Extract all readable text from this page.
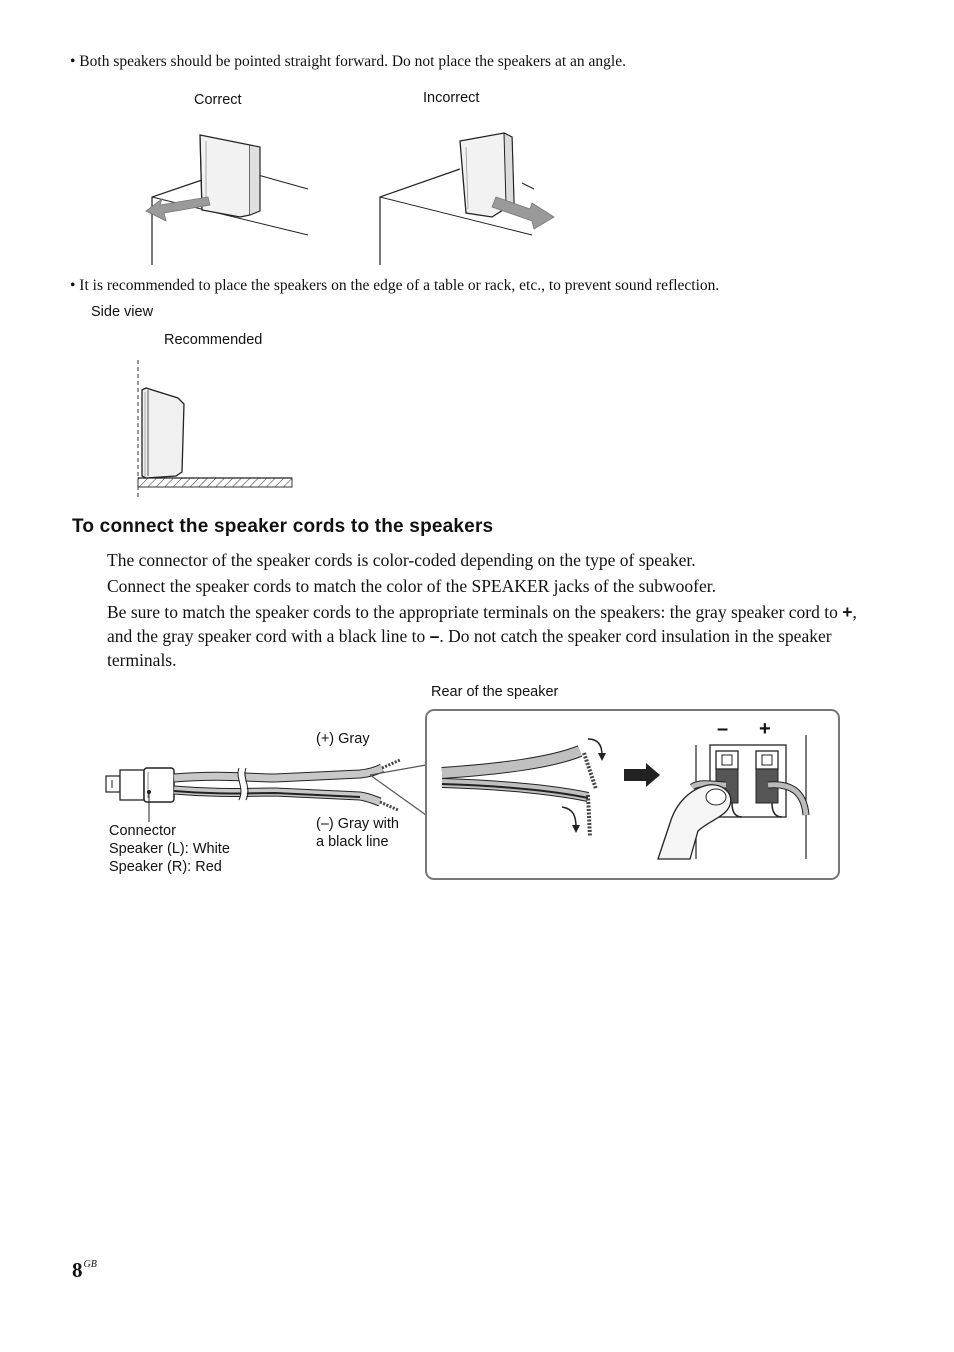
• Both speakers should be pointed straight forward. Do not place the speakers at an angle.
Correct	Incorrect
• It is recommended to place the speakers on the edge of a table or rack, etc., to prevent sound reflection.
Side view
Recommended
To connect the speaker cords to the speakers

The connector of the speaker cords is color-coded depending on the type of speaker.

Connect the speaker cords to match the color of the SPEAKER jacks of the subwoofer.

Be sure to match the speaker cords to the appropriate terminals on the speakers: the gray speaker cord to +, and the gray speaker cord with a black line to –. Do not catch the speaker cord insulation in the speaker terminals.

Rear of the speaker
(+) Gray
(–) Gray with
a black line
Connector
Speaker (L): White
Speaker (R): Red
– +
$8^{GB}$
